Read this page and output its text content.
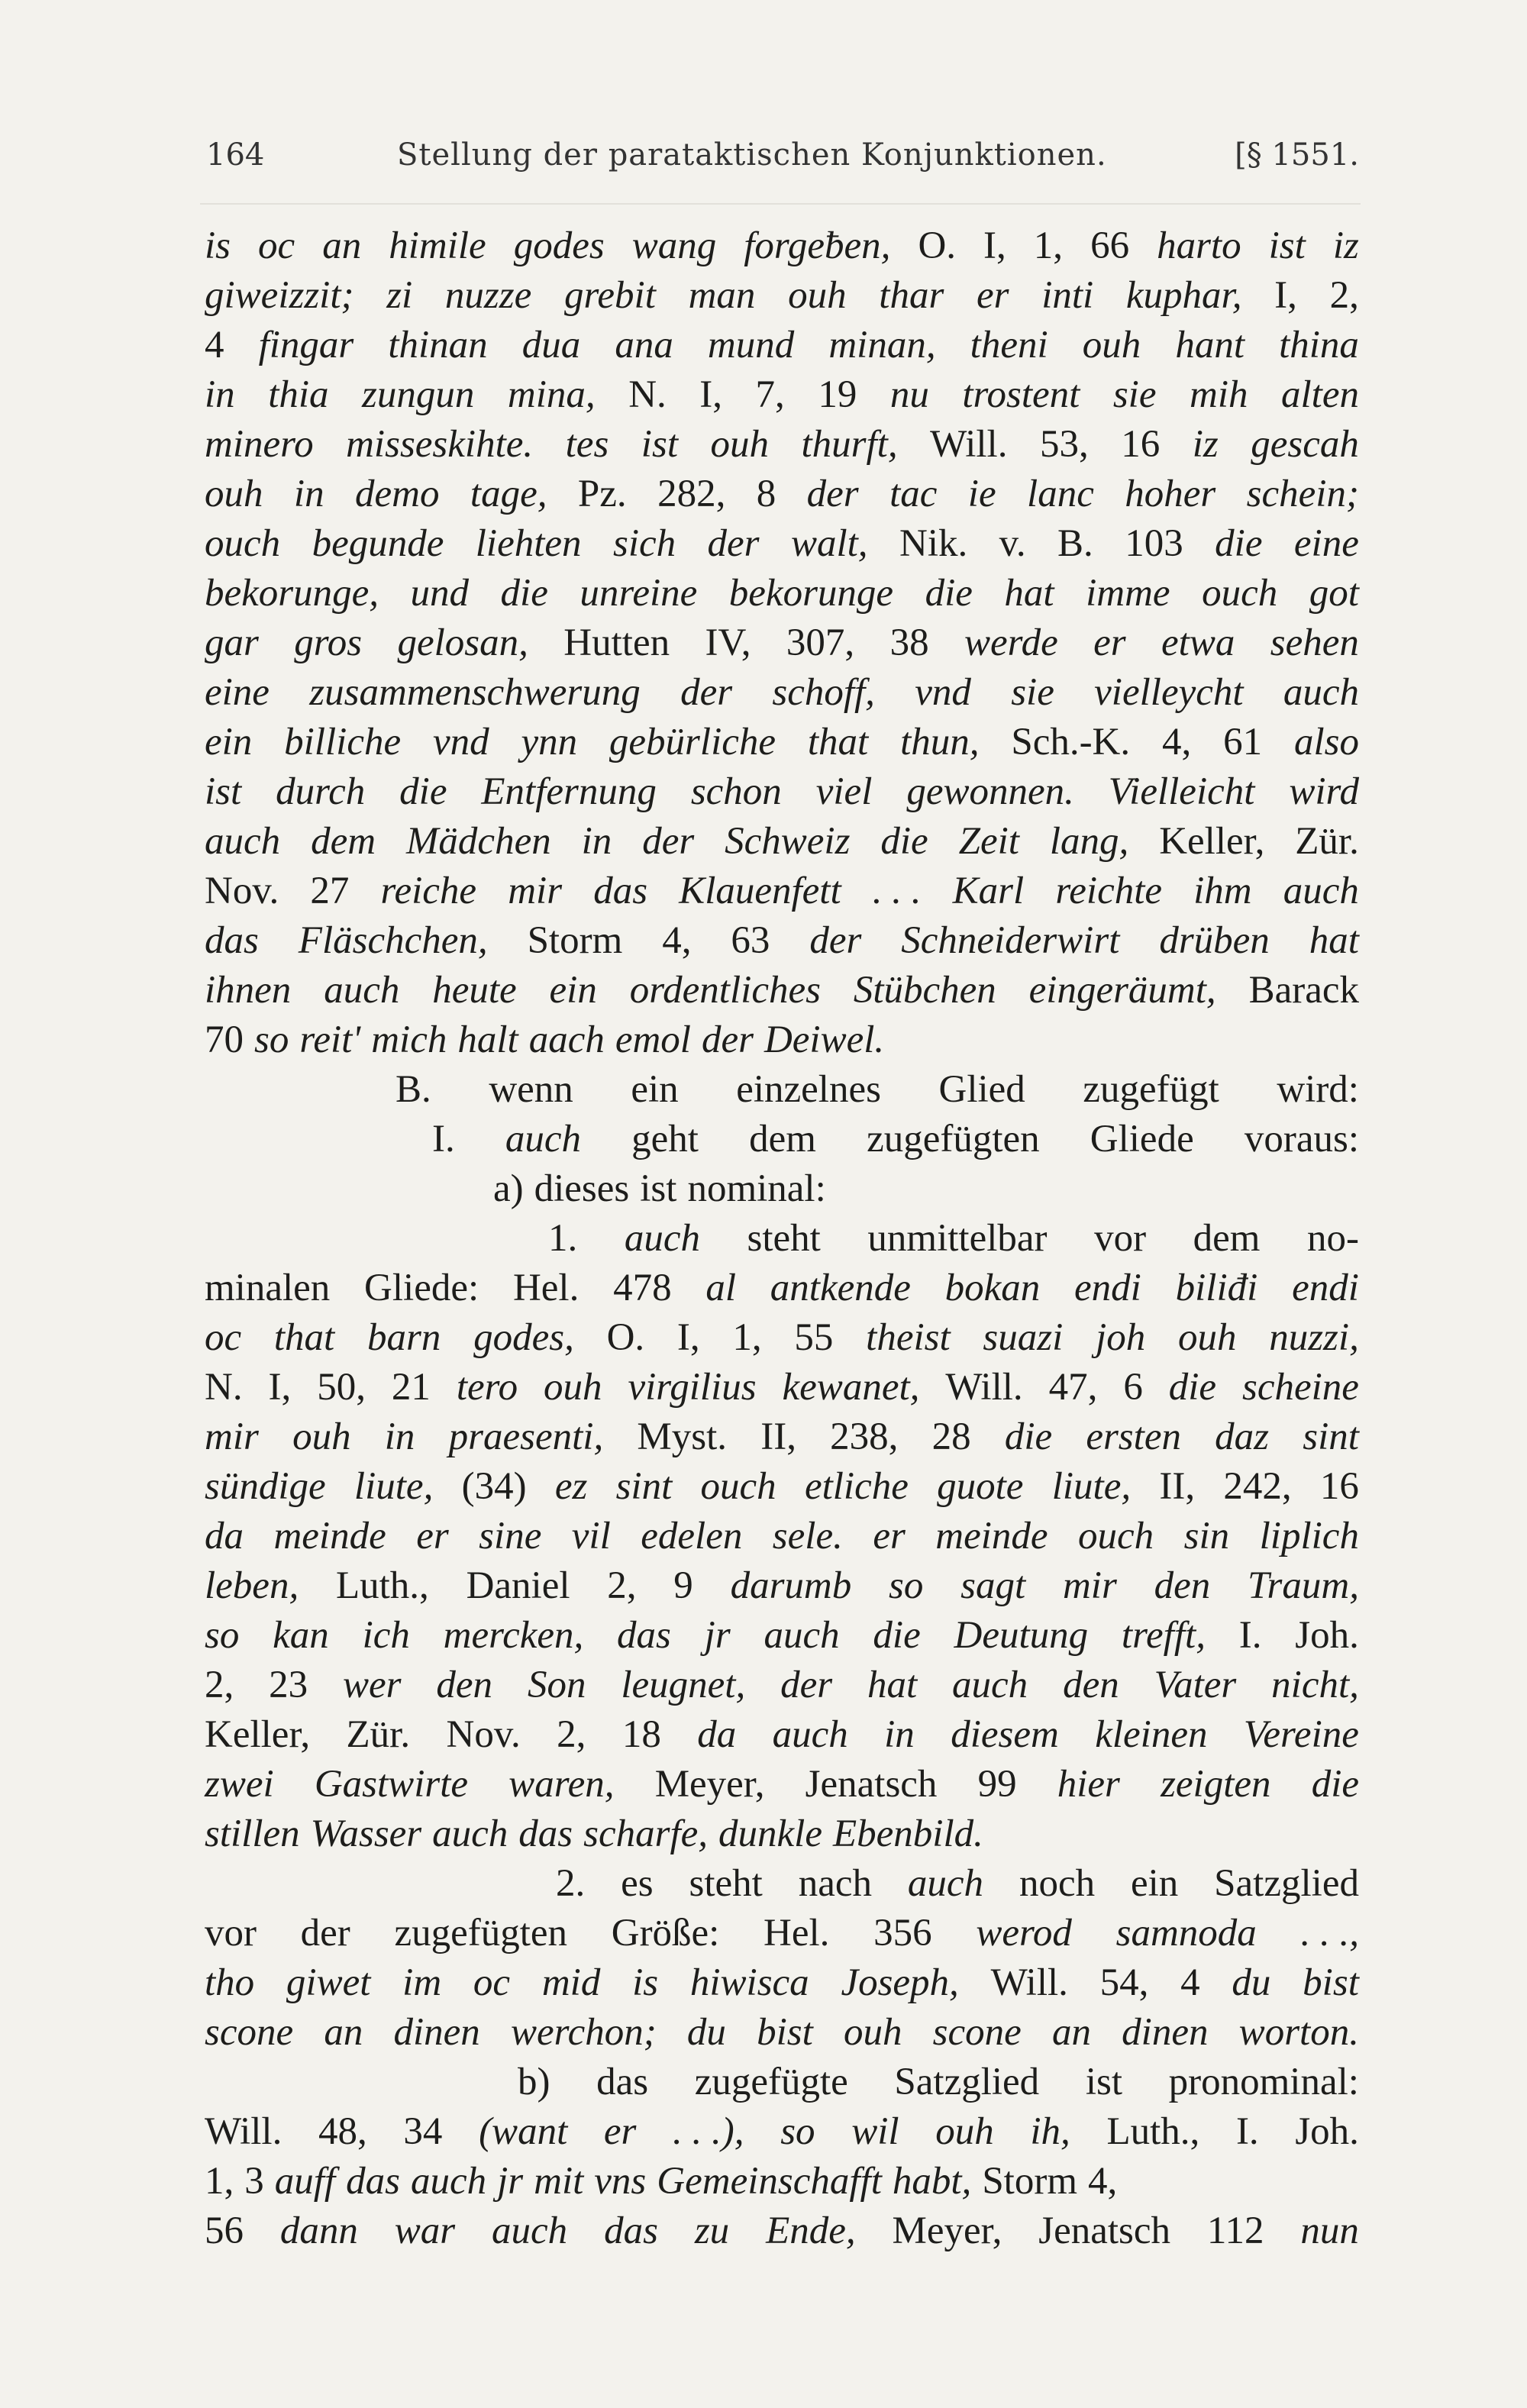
164	Stellung der parataktischen Konjunktionen.	[§ 1551.
is oc an himile godes wang forgeƀen, O. I, 1, 66 harto ist iz
giweizzit; zi nuzze grebit man ouh thar er inti kuphar, I, 2,
4 fingar thinan dua ana mund minan, theni ouh hant thina
in thia zungun mina, N. I, 7, 19 nu trostent sie mih alten
minero misseskihte. tes ist ouh thurft, Will. 53, 16 iz gescah
ouh in demo tage, Pz. 282, 8 der tac ie lanc hoher schein;
ouch begunde liehten sich der walt, Nik. v. B. 103 die eine
bekorunge, und die unreine bekorunge die hat imme ouch got
gar gros gelosan, Hutten IV, 307, 38 werde er etwa sehen
eine zusammenschwerung der schoff, vnd sie vielleycht auch
ein billiche vnd ynn gebürliche that thun, Sch.-K. 4, 61 also
ist durch die Entfernung schon viel gewonnen. Vielleicht wird
auch dem Mädchen in der Schweiz die Zeit lang, Keller, Zür.
Nov. 27 reiche mir das Klauenfett . . . Karl reichte ihm auch
das Fläschchen, Storm 4, 63 der Schneiderwirt drüben hat
ihnen auch heute ein ordentliches Stübchen eingeräumt, Barack
70 so reit' mich halt aach emol der Deiwel.
B. wenn ein einzelnes Glied zugefügt wird:
I. auch geht dem zugefügten Gliede voraus:
a) dieses ist nominal:
1. auch steht unmittelbar vor dem no-
minalen Gliede: Hel. 478 al antkende bokan endi biliđi endi
oc that barn godes, O. I, 1, 55 theist suazi joh ouh nuzzi,
N. I, 50, 21 tero ouh virgilius kewanet, Will. 47, 6 die scheine
mir ouh in praesenti, Myst. II, 238, 28 die ersten daz sint
sündige liute, (34) ez sint ouch etliche guote liute, II, 242, 16
da meinde er sine vil edelen sele. er meinde ouch sin liplich
leben, Luth., Daniel 2, 9 darumb so sagt mir den Traum,
so kan ich mercken, das jr auch die Deutung trefft, I. Joh.
2, 23 wer den Son leugnet, der hat auch den Vater nicht,
Keller, Zür. Nov. 2, 18 da auch in diesem kleinen Vereine
zwei Gastwirte waren, Meyer, Jenatsch 99 hier zeigten die
stillen Wasser auch das scharfe, dunkle Ebenbild.
2. es steht nach auch noch ein Satzglied
vor der zugefügten Größe: Hel. 356 werod samnoda . . .,
tho giwet im oc mid is hiwisca Joseph, Will. 54, 4 du bist
scone an dinen werchon; du bist ouh scone an dinen worton.
b) das zugefügte Satzglied ist pronominal:
Will. 48, 34 (want er . . .), so wil ouh ih, Luth., I. Joh.
1, 3 auff das auch jr mit vns Gemeinschafft habt, Storm 4,
56 dann war auch das zu Ende, Meyer, Jenatsch 112 nun
